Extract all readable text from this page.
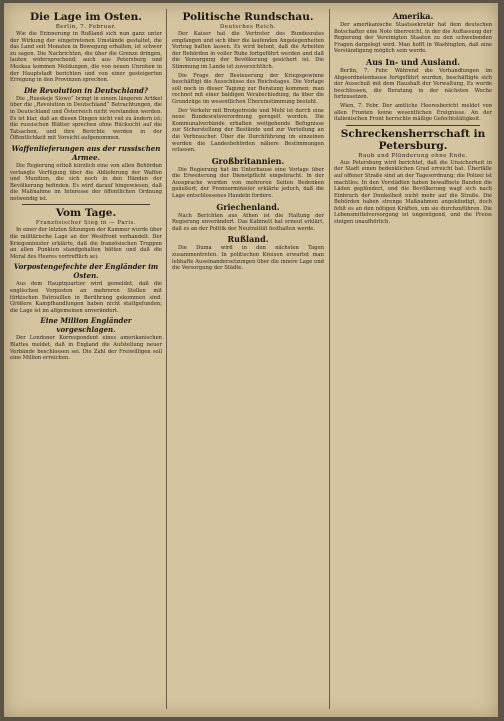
Die Lage im Osten.
Berlin, 7. Februar.

Wie die Erinnerung in Rußland sich nun ganz unter der Wirkung der eingetretenen Umstände gestaltet, die das Land seit Monaten in Bewegung erhalten, ist schwer zu sagen. Die Nachrichten, die über die Grenze dringen, lauten widersprechend; auch aus Petersburg und Moskau kommen Meldungen, die von neuen Unruhen in der Hauptstadt berichten und von einer gesteigerten Erregung in den Provinzen sprechen.

Die Revolution in Deutschland?

Die „Russkoje Slowo“ bringt in einem längeren Artikel über die „Revolution in Deutschland“ Betrachtungen, die in Deutschland und Österreich nicht verstanden werden. Es ist klar, daß an diesen Dingen nicht viel zu ändern ist; die russischen Blätter sprechen ohne Rücksicht auf die Tatsachen, und ihre Berichte werden in der Öffentlichkeit mit Vorsicht aufgenommen.

Waffenlieferungen aus der russischen Armee.

Die Regierung erließ kürzlich eine von allen Behörden verlangte Verfügung über die Ablieferung der Waffen und Munition, die sich noch in den Händen der Bevölkerung befinden. Es wird darauf hingewiesen, daß die Maßnahme im Interesse der öffentlichen Ordnung notwendig ist.

Vom Tage.
Französischer Sieg in — Paris.

In einer der letzten Sitzungen der Kammer wurde über die militärische Lage an der Westfront verhandelt. Der Kriegsminister erklärte, daß die französischen Truppen an allen Punkten standgehalten hätten und daß die Moral des Heeres vortrefflich sei.

Vorpostengefechte der Engländer im Osten.

Aus dem Hauptquartier wird gemeldet, daß die englischen Vorposten an mehreren Stellen mit türkischen Patrouillen in Berührung gekommen sind. Größere Kampfhandlungen haben nicht stattgefunden; die Lage ist im allgemeinen unverändert.

Eine Million Engländer vorgeschlagen.

Der Londoner Korrespondent eines amerikanischen Blattes meldet, daß in England die Aufstellung neuer Verbände beschlossen sei. Die Zahl der Freiwilligen soll eine Million erreichen.

Politische Rundschau.
Deutsches Reich.

Der Kaiser hat die Vertreter des Bundesrates empfangen und sich über die laufenden Angelegenheiten Vortrag halten lassen. Es wird betont, daß die Arbeiten der Behörden in voller Ruhe fortgeführt werden und daß die Versorgung der Bevölkerung gesichert ist. Die Stimmung im Lande ist zuversichtlich.

Die Frage der Besteuerung der Kriegsgewinne beschäftigt die Ausschüsse des Reichstages. Die Vorlage soll noch in dieser Tagung zur Beratung kommen; man rechnet mit einer baldigen Verabschiedung, da über die Grundzüge im wesentlichen Übereinstimmung besteht.

Der Verkehr mit Brotgetreide und Mehl ist durch eine neue Bundesratsverordnung geregelt worden. Die Kommunalverbände erhalten weitgehende Befugnisse zur Sicherstellung der Bestände und zur Verteilung an die Verbraucher. Über die Durchführung im einzelnen werden die Landesbehörden nähere Bestimmungen erlassen.

Großbritannien.

Die Regierung hat im Unterhause eine Vorlage über die Erweiterung der Dienstpflicht eingebracht. In der Aussprache wurden von mehreren Seiten Bedenken geäußert; der Premierminister erklärte jedoch, daß die Lage entschlossenes Handeln fordere.

Griechenland.

Nach Berichten aus Athen ist die Haltung der Regierung unverändert. Das Kabinett hat erneut erklärt, daß es an der Politik der Neutralität festhalten werde.

Rußland.

Die Duma wird in den nächsten Tagen zusammentreten. In politischen Kreisen erwartet man lebhafte Auseinandersetzungen über die innere Lage und die Versorgung der Städte.

Amerika.

Der amerikanische Staatssekretär hat dem deutschen Botschafter eine Note überreicht, in der die Auffassung der Regierung der Vereinigten Staaten zu den schwebenden Fragen dargelegt wird. Man hofft in Washington, daß eine Verständigung möglich sein werde.

Aus In- und Ausland.

Berlin, 7. Febr. Während die Verhandlungen im Abgeordnetenhause fortgeführt wurden, beschäftigte sich der Ausschuß mit dem Haushalt der Verwaltung. Es wurde beschlossen, die Beratung in der nächsten Woche fortzusetzen.

Wien, 7. Febr. Der amtliche Heeresbericht meldet von allen Fronten keine wesentlichen Ereignisse. An der italienischen Front herrschte mäßige Gefechtstätigkeit.

Schreckensherrschaft in Petersburg.
Raub und Plünderung ohne Ende.

Aus Petersburg wird berichtet, daß die Unsicherheit in der Stadt einen bedenklichen Grad erreicht hat. Überfälle auf offener Straße sind an der Tagesordnung; die Polizei ist machtlos. In den Vorstädten haben bewaffnete Banden die Läden geplündert, und die Bevölkerung wagt sich nach Einbruch der Dunkelheit nicht mehr auf die Straße. Die Behörden haben strenge Maßnahmen angekündigt, doch fehlt es an den nötigen Kräften, um sie durchzuführen. Die Lebensmittelversorgung ist ungenügend, und die Preise steigen unaufhörlich.
